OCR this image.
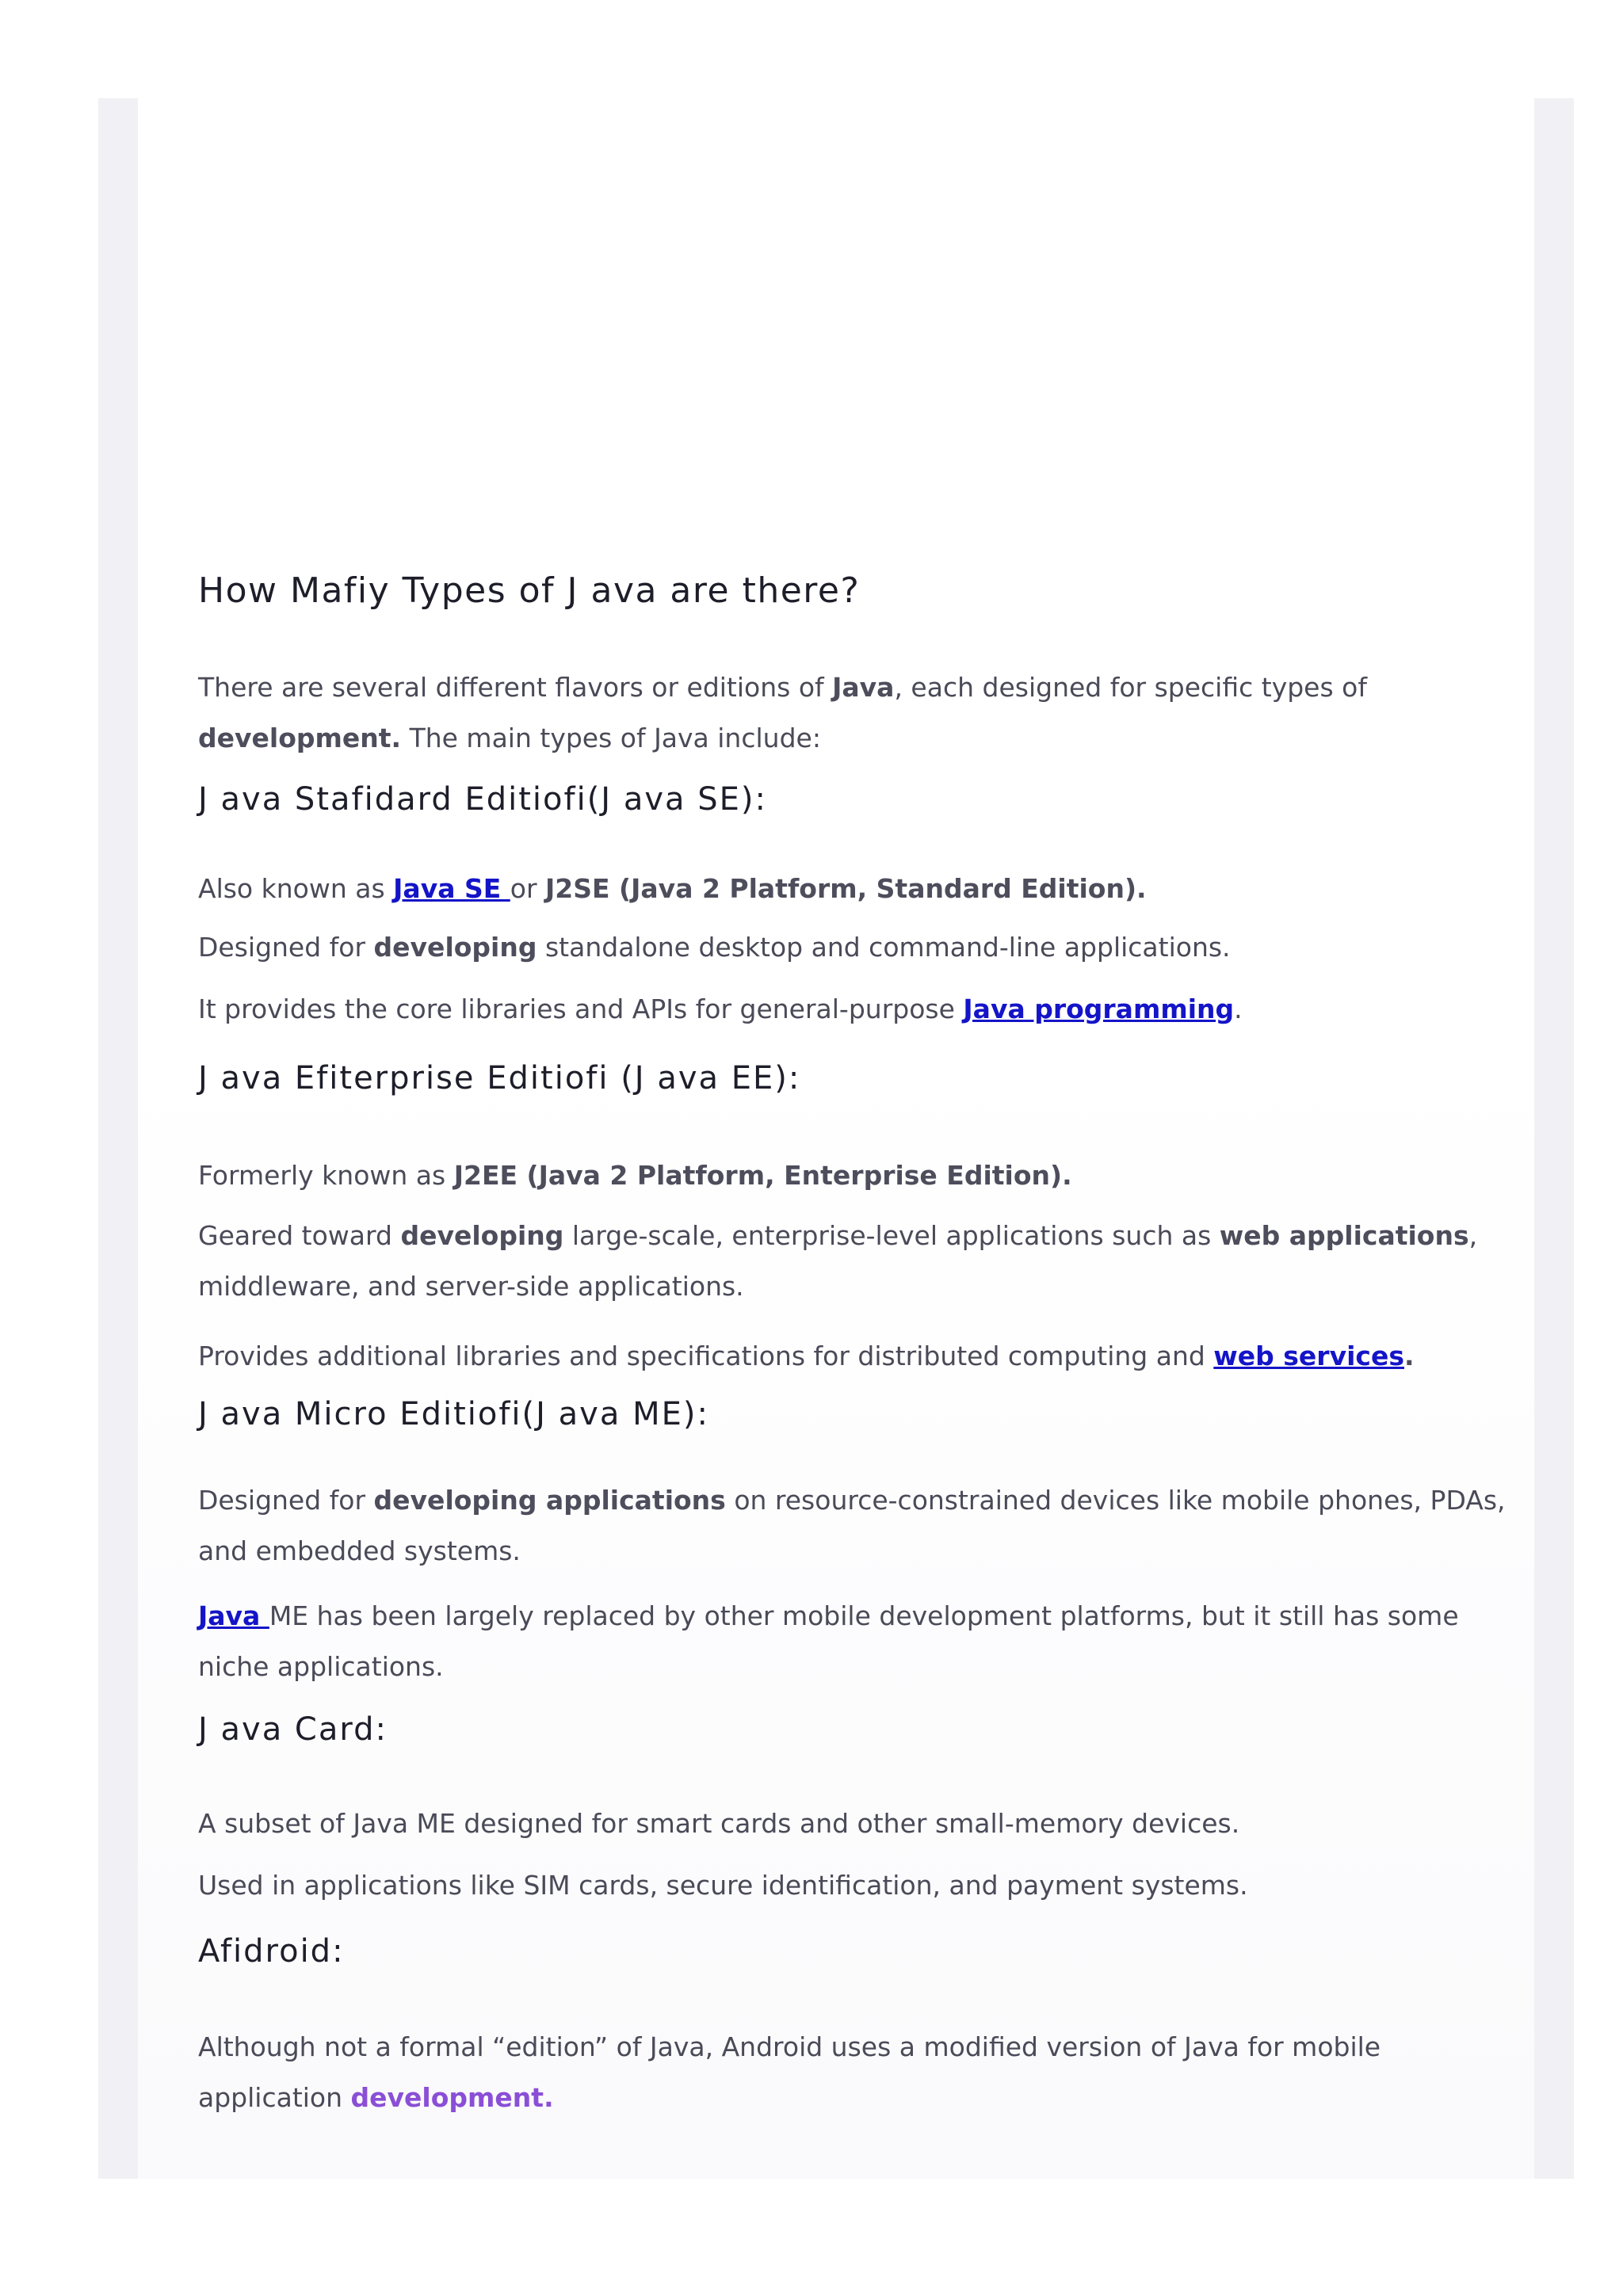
How Mafiy Types of J ava are there?

There are several diﬀerent ﬂavors or editions of Java, each designed for speciﬁc types of

development. The main types of Java include:

J ava Stafidard Editiofi(J ava SE):

Also known as Java SE or J2SE (Java 2 Platform, Standard Edition).

Designed for developing standalone desktop and command-line applications.

It provides the core libraries and APIs for general-purpose Java programming.

J ava Efiterprise Editiofi (J ava EE):

Formerly known as J2EE (Java 2 Platform, Enterprise Edition).

Geared toward developing large-scale, enterprise-level applications such as web applications,

middleware, and server-side applications.

Provides additional libraries and speciﬁcations for distributed computing and web services.

J ava Micro Editiofi(J ava ME):

Designed for developing applications on resource-constrained devices like mobile phones, PDAs,

and embedded systems.

Java ME has been largely replaced by other mobile development platforms, but it still has some

niche applications.

J ava Card:

A subset of Java ME designed for smart cards and other small-memory devices.

Used in applications like SIM cards, secure identiﬁcation, and payment systems.

Afidroid:

Although not a formal “edition” of Java, Android uses a modiﬁed version of Java for mobile

application development.
